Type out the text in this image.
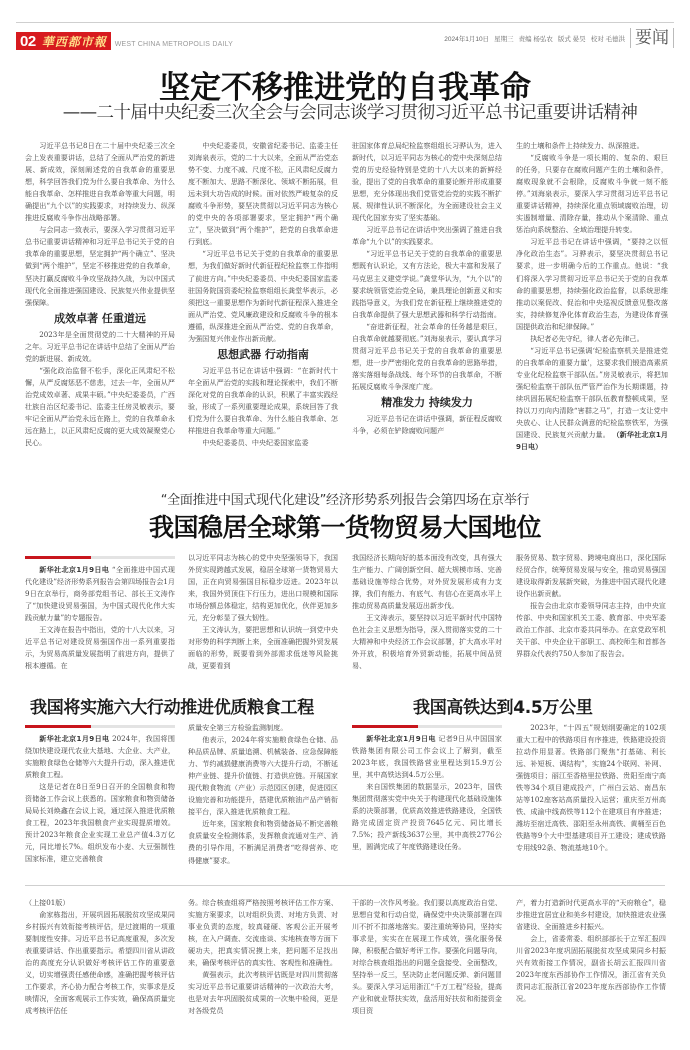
02 華西都市報 WEST CHINA METROPOLIS DAILY
2024年1月10日 星期三 责编 杨弘农 版式 晏昊 校对 毛德洪 要闻
坚定不移推进党的自我革命
——二十届中央纪委三次全会与会同志谈学习贯彻习近平总书记重要讲话精神

习近平总书记8日在二十届中央纪委三次全会上发表重要讲话，总结了全面从严治党的新进展、新成效，深刻阐述党的自我革命的重要思想，科学回答我们党为什么要自我革命、为什么能自我革命、怎样推进自我革命等重大问题，明确提出“九个以”的实践要求，对持续发力、纵深推进反腐败斗争作出战略部署。

与会同志一致表示，要深入学习贯彻习近平总书记重要讲话精神和习近平总书记关于党的自我革命的重要思想，坚定拥护“两个确立”、坚决做到“两个维护”，坚定不移推进党的自我革命，坚决打赢反腐败斗争攻坚战持久战，为以中国式现代化全面推进强国建设、民族复兴伟业提供坚强保障。

成效卓著 任重道远

2023年是全面贯彻党的二十大精神的开局之年。习近平总书记在讲话中总结了全面从严治党的新进展、新成效。

“强化政治监督不松手，深化正风肃纪不松懈，从严反腐惩恶不慈悲，过去一年，全面从严治党成效卓著、成果丰硕。”中央纪委委员，广西壮族自治区纪委书记、监委主任房灵敏表示，要牢记全面从严治党永远在路上，党的自我革命永远在路上，以正风肃纪反腐的更大成效凝聚党心民心。

中央纪委委员，安徽省纪委书记、监委主任刘海泉表示，党的二十大以来，全面从严治党态势不变、力度不减、尺度不松，正风肃纪反腐力度不断加大、思路不断深化、领域不断拓展，但远未到大功告成的时候。面对依然严峻复杂的反腐败斗争形势，要坚决贯彻以习近平同志为核心的党中央的各项部署要求，坚定拥护“两个确立”，坚决做到“两个维护”，把党的自我革命进行到底。

“习近平总书记关于党的自我革命的重要思想，为我们做好新时代新征程纪检监察工作指明了前进方向。”中央纪委委员、中央纪委国家监委驻国务院国资委纪检监察组组长龚堂华表示，必须把这一重要思想作为新时代新征程深入推进全面从严治党、党风廉政建设和反腐败斗争的根本遵循，纵深推进全面从严治党、党的自我革命，为强国复兴伟业作出新贡献。

思想武器 行动指南

习近平总书记在讲话中强调：“在新时代十年全面从严治党的实践和理论探索中，我们不断深化对党的自我革命的认识，积累了丰富实践经验，形成了一系列重要理论成果，系统回答了我们党为什么要自我革命、为什么能自我革命、怎样推进自我革命等重大问题。”

中央纪委委员、中央纪委国家监委

驻国家体育总局纪检监察组组长习骅认为，进入新时代，以习近平同志为核心的党中央深刻总结党的历史经验特别是党的十八大以来的新鲜经验，提出了党的自我革命的重要论断并形成重要思想，充分体现出我们党管党治党的实践不断扩展、规律性认识不断深化，为全面建设社会主义现代化国家夯实了坚实基础。

习近平总书记在讲话中突出强调了推进自我革命“九个以”的实践要求。

“习近平总书记关于党的自我革命的重要思想既有认识论，又有方法论，极大丰富和发展了马克思主义建党学说。”龚堂华认为，“九个以”的要求统领管党治党全局，兼具理论创新意义和实践指导意义，为我们党在新征程上继续推进党的自我革命提供了强大思想武器和科学行动指南。

“奋进新征程，社会革命的任务越是艰巨，自我革命就越要彻底。”刘海泉表示，要认真学习贯彻习近平总书记关于党的自我革命的重要思想，进一步严密细化党的自我革命的思路举措，落实落细每条战线、每个环节的自我革命，不断拓展反腐败斗争深度广度。

精准发力 持续发力

习近平总书记在讲话中强调，新征程反腐败斗争，必须在铲除腐败问题产

生的土壤和条件上持续发力、纵深推进。

“反腐败斗争是一项长期的、复杂的、艰巨的任务，只要存在腐败问题产生的土壤和条件，腐败现象就不会根除，反腐败斗争就一刻不能停。”刘海泉表示，要深入学习贯彻习近平总书记重要讲话精神，持续深化重点领域腐败治理，切实遏制增量、清除存量，推动从个案清除、重点惩治向系统整治、全域治理提升转变。

习近平总书记在讲话中强调，“要持之以恒净化政治生态”。习骅表示，要坚决贯彻总书记要求，进一步明确今后的工作重点。他说：“我们将深入学习贯彻习近平总书记关于党的自我革命的重要思想，持续强化政治监督，以系统思维推动以案促改、促治和中央巡视反馈意见整改落实，持续修复净化体育政治生态，为建设体育强国提供政治和纪律保障。”

执纪者必先守纪，律人者必先律己。

“习近平总书记强调‘纪检监察机关是推进党的自我革命的重要力量’，这要求我们锻造高素质专业化纪检监察干部队伍。”房灵敏表示，将把加强纪检监察干部队伍严管严治作为长期课题，持续巩固拓展纪检监察干部队伍教育整顿成果，坚持以刀刃向内清除“害群之马”，打造一支让党中央放心、让人民群众满意的纪检监察铁军，为强国建设、民族复兴贡献力量。 （新华社北京1月9日电）

“全面推进中国式现代化建设”经济形势系列报告会第四场在京举行
我国稳居全球第一货物贸易大国地位

新华社北京1月9日电 “全面推进中国式现代化建设”经济形势系列报告会第四场报告会1月9日在京举行，商务部党组书记、部长王文涛作了“加快建设贸易强国，为中国式现代化伟大实践贡献力量”的专题报告。

王文涛在报告中指出，党的十八大以来，习近平总书记对建设贸易强国作出一系列重要指示，为贸易高质量发展指明了前进方向，提供了根本遵循。在

以习近平同志为核心的党中央坚强领导下，我国外贸实现跨越式发展，稳居全球第一货物贸易大国，正在向贸易强国目标稳步迈进。2023年以来，我国外贸顶住下行压力，进出口规模和国际市场份额总体稳定，结构更加优化，伙伴更加多元，充分彰显了强大韧性。

王文涛认为，要把思想和认识统一到党中央对形势的科学判断上来，全面准确把握外贸发展面临的形势，既要看到外部需求低迷等风险挑战，更要看到

我国经济长期向好的基本面没有改变，具有强大生产能力、广阔创新空间、超大规模市场、完善基础设施等综合优势，对外贸发展形成有力支撑，我们有能力、有底气、有信心在更高水平上推动贸易高质量发展迈出新步伐。

王文涛表示，要坚持以习近平新时代中国特色社会主义思想为指导，深入贯彻落实党的二十大精神和中央经济工作会议部署，扩大高水平对外开放，积极培育外贸新动能，拓展中间品贸易、

服务贸易、数字贸易、跨境电商出口，深化国际经贸合作，统筹贸易发展与安全，推动贸易强国建设取得新发展新突破，为推进中国式现代化建设作出新贡献。

报告会由北京市委领导同志主持，由中央宣传部、中央和国家机关工委、教育部、中央军委政治工作部、北京市委共同举办。在京党政军机关干部、中央企业干部职工、高校师生和首都各界群众代表约750人参加了报告会。

我国将实施六大行动推进优质粮食工程

新华社北京1月9日电 2024年，我国将围绕加快建设现代农业大基地、大企业、大产业，实施粮食绿色仓储等六大提升行动，深入推进优质粮食工程。

这是记者在8日至9日召开的全国粮食和物资储备工作会议上获悉的。国家粮食和物资储备局局长刘焕鑫在会议上说，通过深入推进优质粮食工程，2023年我国粮食产业实现提质增效。预计2023年粮食企业实现工业总产值4.3万亿元，同比增长7%。组织发布小麦、大豆强制性国家标准，建立完善粮食

质量安全第三方检验监测制度。

他表示，2024年将实施粮食绿色仓储、品种品质品牌、质量追溯、机械装备、应急保障能力、节约减损健康消费等六大提升行动，不断延伸产业链、提升价值链、打造供应链。开展国家现代粮食物流（产业）示范园区创建，促进园区设施完善和功能提升，搭建优质粮油产品产销衔接平台，深入推进优质粮食工程。

近年来，国家粮食和物资储备局不断完善粮食质量安全检测体系，发挥粮食流通对生产、消费的引导作用，不断满足消费者“吃得营养、吃得健康”要求。

我国高铁达到4.5万公里

新华社北京1月9日电 记者9日从中国国家铁路集团有限公司工作会议上了解到，截至2023年底，我国铁路营业里程达到15.9万公里，其中高铁达到4.5万公里。

来自国铁集团的数据显示，2023年，国铁集团贯彻落实党中央关于构建现代化基础设施体系的决策部署，优质高效推进铁路建设，全国铁路完成固定资产投资7645亿元、同比增长7.5%；投产新线3637公里，其中高铁2776公里，圆满完成了年度铁路建设任务。

2023年，“十四五”规划纲要确定的102项重大工程中的铁路项目有序推进，铁路建设投资拉动作用显著。铁路部门聚焦“打基础、利长远、补短板、调结构”，实施24个联网、补网、强链项目；丽江至香格里拉铁路、贵阳至南宁高铁等34个项目建成投产，广州白云站、南昌东站等102座客站高质量投入运营；重庆至万州高铁、成渝中线高铁等112个在建项目有序推进；潍坊至宿迁高铁、邵阳至永州高铁、黄桶至百色铁路等9个大中型基建项目开工建设；建成铁路专用线92条、物流基地10个。

（上接01版）

俞家栋指出，开展巩固拓展脱贫攻坚成果同乡村振兴有效衔接考核评估，是过渡期的一项重要制度性安排。习近平总书记高度重视，多次发表重要讲话、作出重要指示。希望四川省从讲政治的高度充分认识做好考核评估工作的重要意义，切实增强责任感使命感，准确把握考核评估工作要求，齐心协力配合考核工作，实事求是反映情况，全面客观展示工作实效，确保高质量完成考核评估任

务。综合核查组将严格按照考核评估工作方案、实施方案要求，以对组织负责、对地方负责、对事业负责的态度，较真碰硬、客观公正开展考核，在入户调查、交流座谈、实地核查等方面下硬功夫，把真实情况摸上来，把问题不足找出来，确保考核评估的真实性、客观性和准确性。

黄强表示，此次考核评估既是对四川贯彻落实习近平总书记重要讲话精神的一次政治大考，也是对去年巩固脱贫成果的一次集中检阅，更是对各级党员

干部的一次作风考验。我们要以高度政治自觉、思想自觉和行动自觉，确保党中央决策部署在四川不折不扣落地落实。要注重统筹协同，坚持实事求是，实实在在展现工作成效，强化服务保障，积极配合做好考评工作。要强化问题导向，对综合核查组指出的问题全盘接受、全面整改，坚持举一反三，坚决防止老问题反弹、新问题冒头。要深入学习运用浙江“千万工程”经验，提高产业和就业帮扶实效，盘活用好扶贫和衔接资金项目资

产，着力打造新时代更高水平的“天府粮仓”，稳步推进宜居宜业和美乡村建设，加快推进农业强省建设、全面推进乡村振兴。

会上，省委常委、组织部部长于立军汇报四川省2023年度巩固拓展脱贫攻坚成果同乡村振兴有效衔接工作情况，副省长胡云汇报四川省2023年度东西部协作工作情况，浙江省有关负责同志汇报浙江省2023年度东西部协作工作情况。
